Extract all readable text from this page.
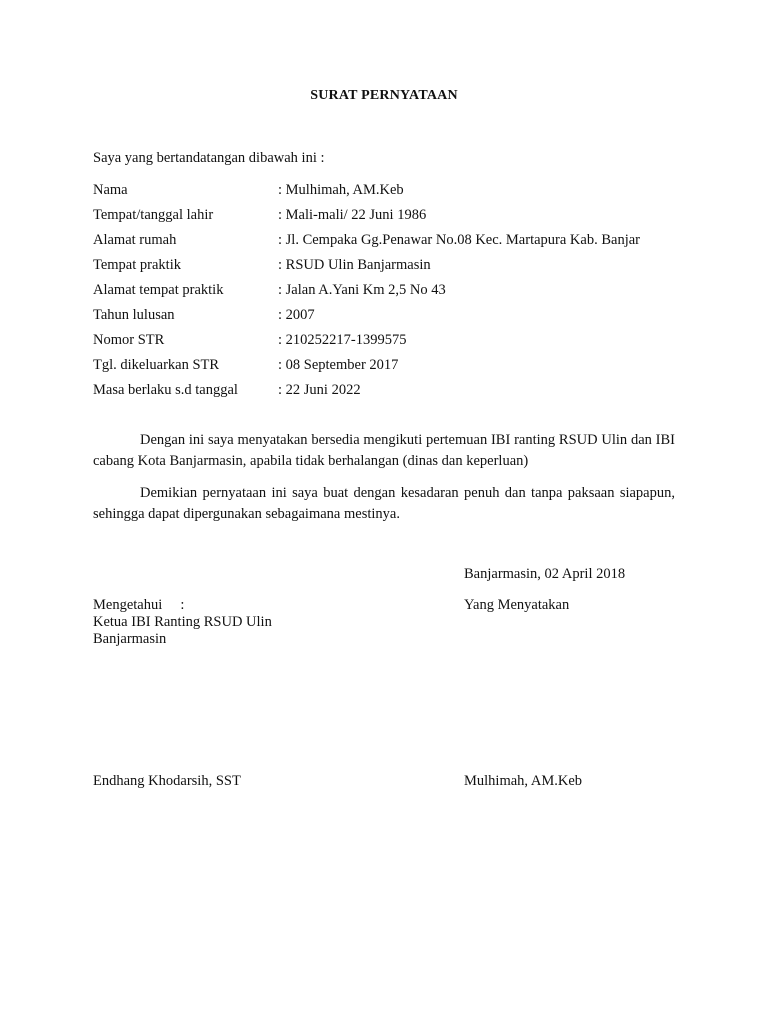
SURAT PERNYATAAN
Saya yang bertandatangan dibawah ini :
Nama	: Mulhimah, AM.Keb
Tempat/tanggal lahir	: Mali-mali/ 22 Juni 1986
Alamat rumah	: Jl. Cempaka Gg.Penawar No.08 Kec. Martapura Kab. Banjar
Tempat praktik	: RSUD Ulin Banjarmasin
Alamat tempat praktik	: Jalan A.Yani Km 2,5 No 43
Tahun lulusan	: 2007
Nomor STR	: 210252217-1399575
Tgl. dikeluarkan STR	: 08 September 2017
Masa berlaku s.d tanggal	: 22 Juni 2022
Dengan ini saya menyatakan bersedia mengikuti pertemuan IBI ranting RSUD Ulin dan IBI cabang Kota Banjarmasin, apabila tidak berhalangan (dinas dan keperluan)
Demikian pernyataan ini saya buat dengan kesadaran penuh dan tanpa paksaan siapapun, sehingga dapat dipergunakan sebagaimana mestinya.
Banjarmasin, 02 April 2018
Mengetahui     :
Ketua IBI Ranting RSUD Ulin
Banjarmasin
Yang Menyatakan
Endhang Khodarsih, SST	Mulhimah, AM.Keb
